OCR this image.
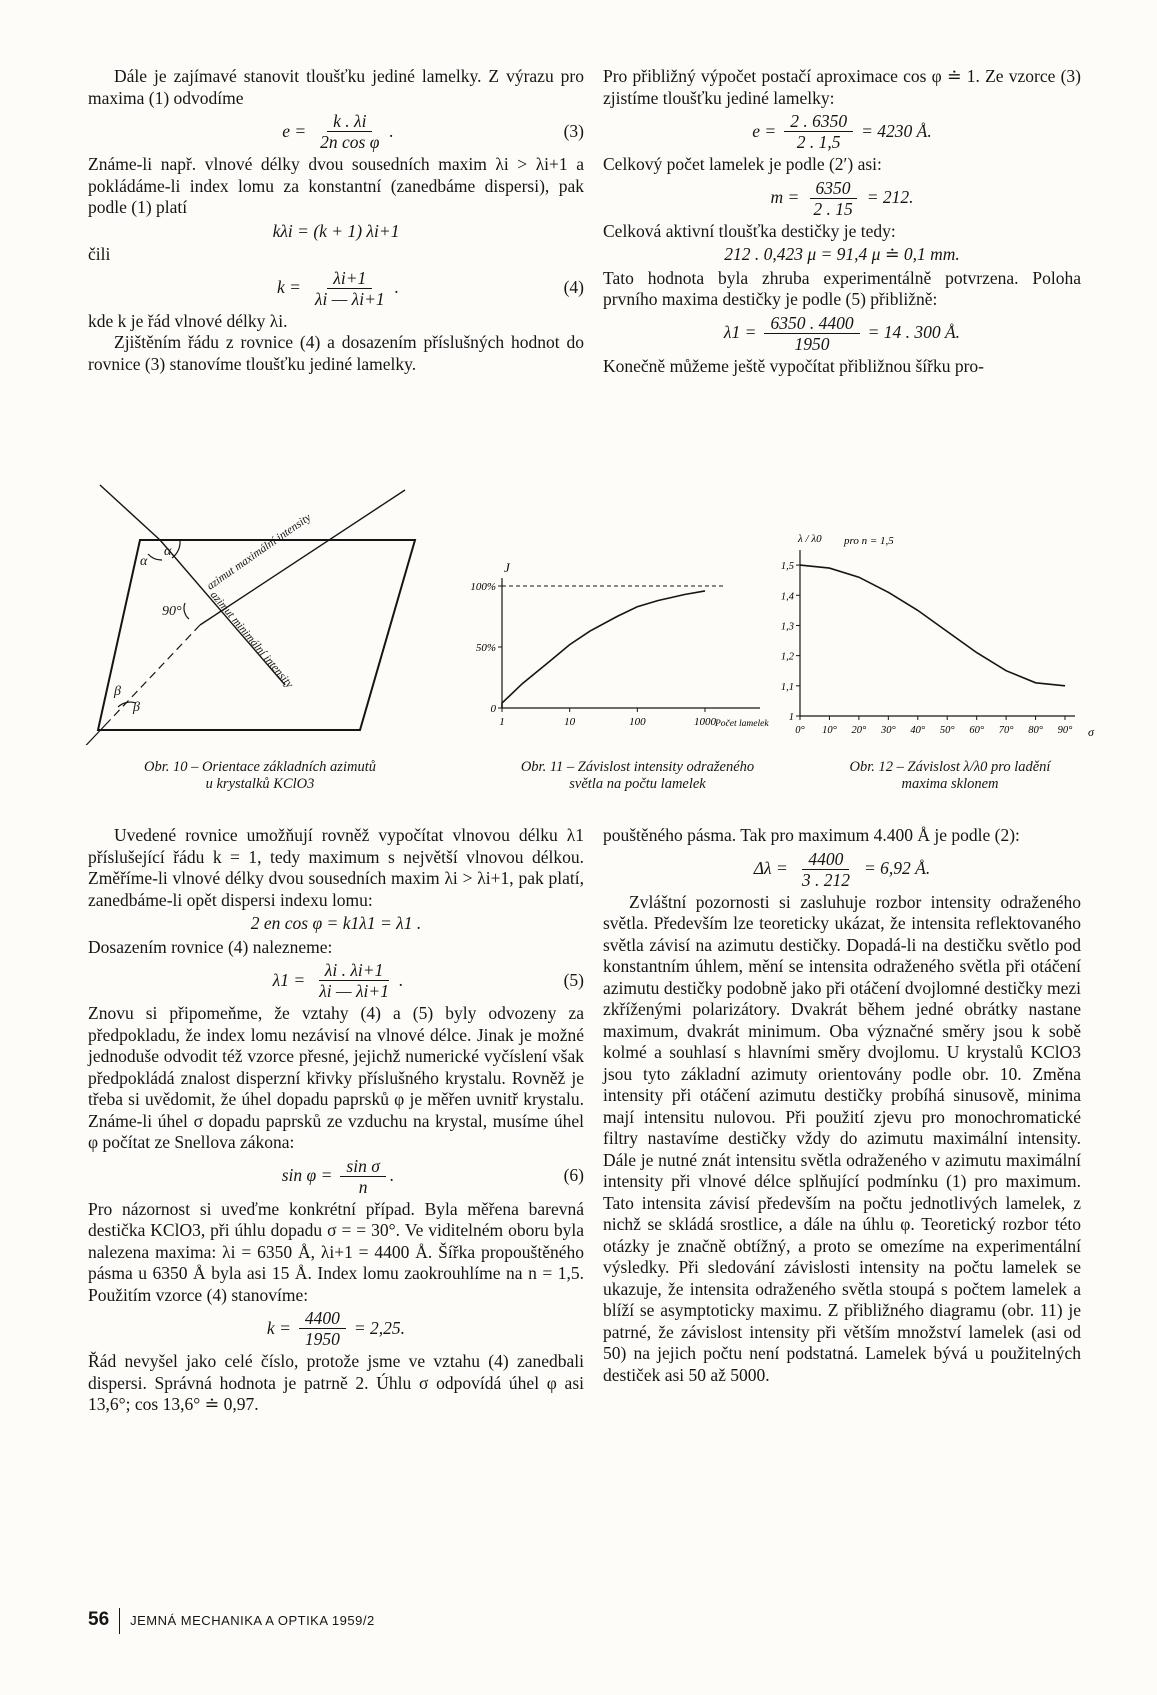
Dále je zajímavé stanovit tloušťku jediné lamelky. Z výrazu pro maxima (1) odvodíme

$e = \frac{k . \lambda i}{\text{2n cos φ}}$ .	(3)

Známe-li např. vlnové délky dvou sousedních maxim λi > λi+1 a pokládáme-li index lomu za konstantní (zanedbáme dispersi), pak podle (1) platí

kλi = (k + 1) λi+1

čili

$k = \frac{\lambda i+1}{\lambda i — \lambda i+1}$ .	(4)

kde k je řád vlnové délky λi.

Zjištěním řádu z rovnice (4) a dosazením příslušných hodnot do rovnice (3) stanovíme tloušťku jediné lamelky.

Pro přibližný výpočet postačí aproximace cos φ ≐ 1. Ze vzorce (3) zjistíme tloušťku jediné lamelky:

$e = \frac{2 . 6350}{2 . 1,5} = 4230$ Å.

Celkový počet lamelek je podle (2′) asi:

$m = \frac{6350}{2 . 15} = 212$.

Celková aktivní tloušťka destičky je tedy:

212 . 0,423 μ = 91,4 μ ≐ 0,1 mm.

Tato hodnota byla zhruba experimentálně potvrzena. Poloha prvního maxima destičky je podle (5) přibližně:

$\lambda 1 = \frac{6350 . 4400}{1950} = 14$ . 300 Å.

Konečně můžeme ještě vypočítat přibližnou šířku pro-

α
α
90°
β
β
azimut maximální intensity
azimut minimální intensity
Obr. 10 – Orientace základních azimutů
u krystalků KClO3
J
Počet lamelek
0
50%
100%
1	10	100	1000
Obr. 11 – Závislost intensity odraženého
světla na počtu lamelek
λ / λ0 pro n = 1,5
σ
1
1,1
1,2
1,3
1,4
1,5
0° 10° 20° 30° 40° 50° 60° 70° 80° 90°
Obr. 12 – Závislost λ/λ0 pro ladění
maxima sklonem

Uvedené rovnice umožňují rovněž vypočítat vlnovou délku λ1 příslušející řádu k = 1, tedy maximum s největší vlnovou délkou. Změříme-li vlnové délky dvou sousedních maxim λi > λi+1, pak platí, zanedbáme-li opět dispersi indexu lomu:

2 en cos φ = k1λ1 = λ1 .

Dosazením rovnice (4) nalezneme:

$\lambda 1 = \frac{\lambda i . \lambda i+1}{\lambda i — \lambda i+1}$ .	(5)

Znovu si připomeňme, že vztahy (4) a (5) byly odvozeny za předpokladu, že index lomu nezávisí na vlnové délce. Jinak je možné jednoduše odvodit též vzorce přesné, jejichž numerické vyčíslení však předpokládá znalost disperzní křivky příslušného krystalu. Rovněž je třeba si uvědomit, že úhel dopadu paprsků φ je měřen uvnitř krystalu. Známe-li úhel σ dopadu paprsků ze vzduchu na krystal, musíme úhel φ počítat ze Snellova zákona:

$\sin \varphi = \frac{\text{sin σ}}{n}$ .	(6)

Pro názornost si uveďme konkrétní případ. Byla měřena barevná destička KClO3, při úhlu dopadu σ = = 30°. Ve viditelném oboru byla nalezena maxima: λi = 6350 Å, λi+1 = 4400 Å. Šířka propouštěného pásma u 6350 Å byla asi 15 Å. Index lomu zaokrouhlíme na n = 1,5. Použitím vzorce (4) stanovíme:

$k = \frac{4400}{1950} = 2,25$.

Řád nevyšel jako celé číslo, protože jsme ve vztahu (4) zanedbali dispersi. Správná hodnota je patrně 2. Úhlu σ odpovídá úhel φ asi 13,6°; cos 13,6° ≐ 0,97.

pouštěného pásma. Tak pro maximum 4.400 Å je podle (2):

$\Delta\lambda = \frac{4400}{3 . 212} = 6,92$ Å.

Zvláštní pozornosti si zasluhuje rozbor intensity odraženého světla. Především lze teoreticky ukázat, že intensita reflektovaného světla závisí na azimutu destičky. Dopadá-li na destičku světlo pod konstantním úhlem, mění se intensita odraženého světla při otáčení azimutu destičky podobně jako při otáčení dvojlomné destičky mezi zkříženými polarizátory. Dvakrát během jedné obrátky nastane maximum, dvakrát minimum. Oba význačné směry jsou k sobě kolmé a souhlasí s hlavními směry dvojlomu. U krystalů KClO3 jsou tyto základní azimuty orientovány podle obr. 10. Změna intensity při otáčení azimutu destičky probíhá sinusově, minima mají intensitu nulovou. Při použití zjevu pro monochromatické filtry nastavíme destičky vždy do azimutu maximální intensity. Dále je nutné znát intensitu světla odraženého v azimutu maximální intensity při vlnové délce splňující podmínku (1) pro maximum. Tato intensita závisí především na počtu jednotlivých lamelek, z nichž se skládá srostlice, a dále na úhlu φ. Teoretický rozbor této otázky je značně obtížný, a proto se omezíme na experimentální výsledky. Při sledování závislosti intensity na počtu lamelek se ukazuje, že intensita odraženého světla stoupá s počtem lamelek a blíží se asymptoticky maximu. Z přibližného diagramu (obr. 11) je patrné, že závislost intensity při větším množství lamelek (asi od 50) na jejich počtu není podstatná. Lamelek bývá u použitelných destiček asi 50 až 5000.

56 JEMNÁ MECHANIKA A OPTIKA 1959/2
